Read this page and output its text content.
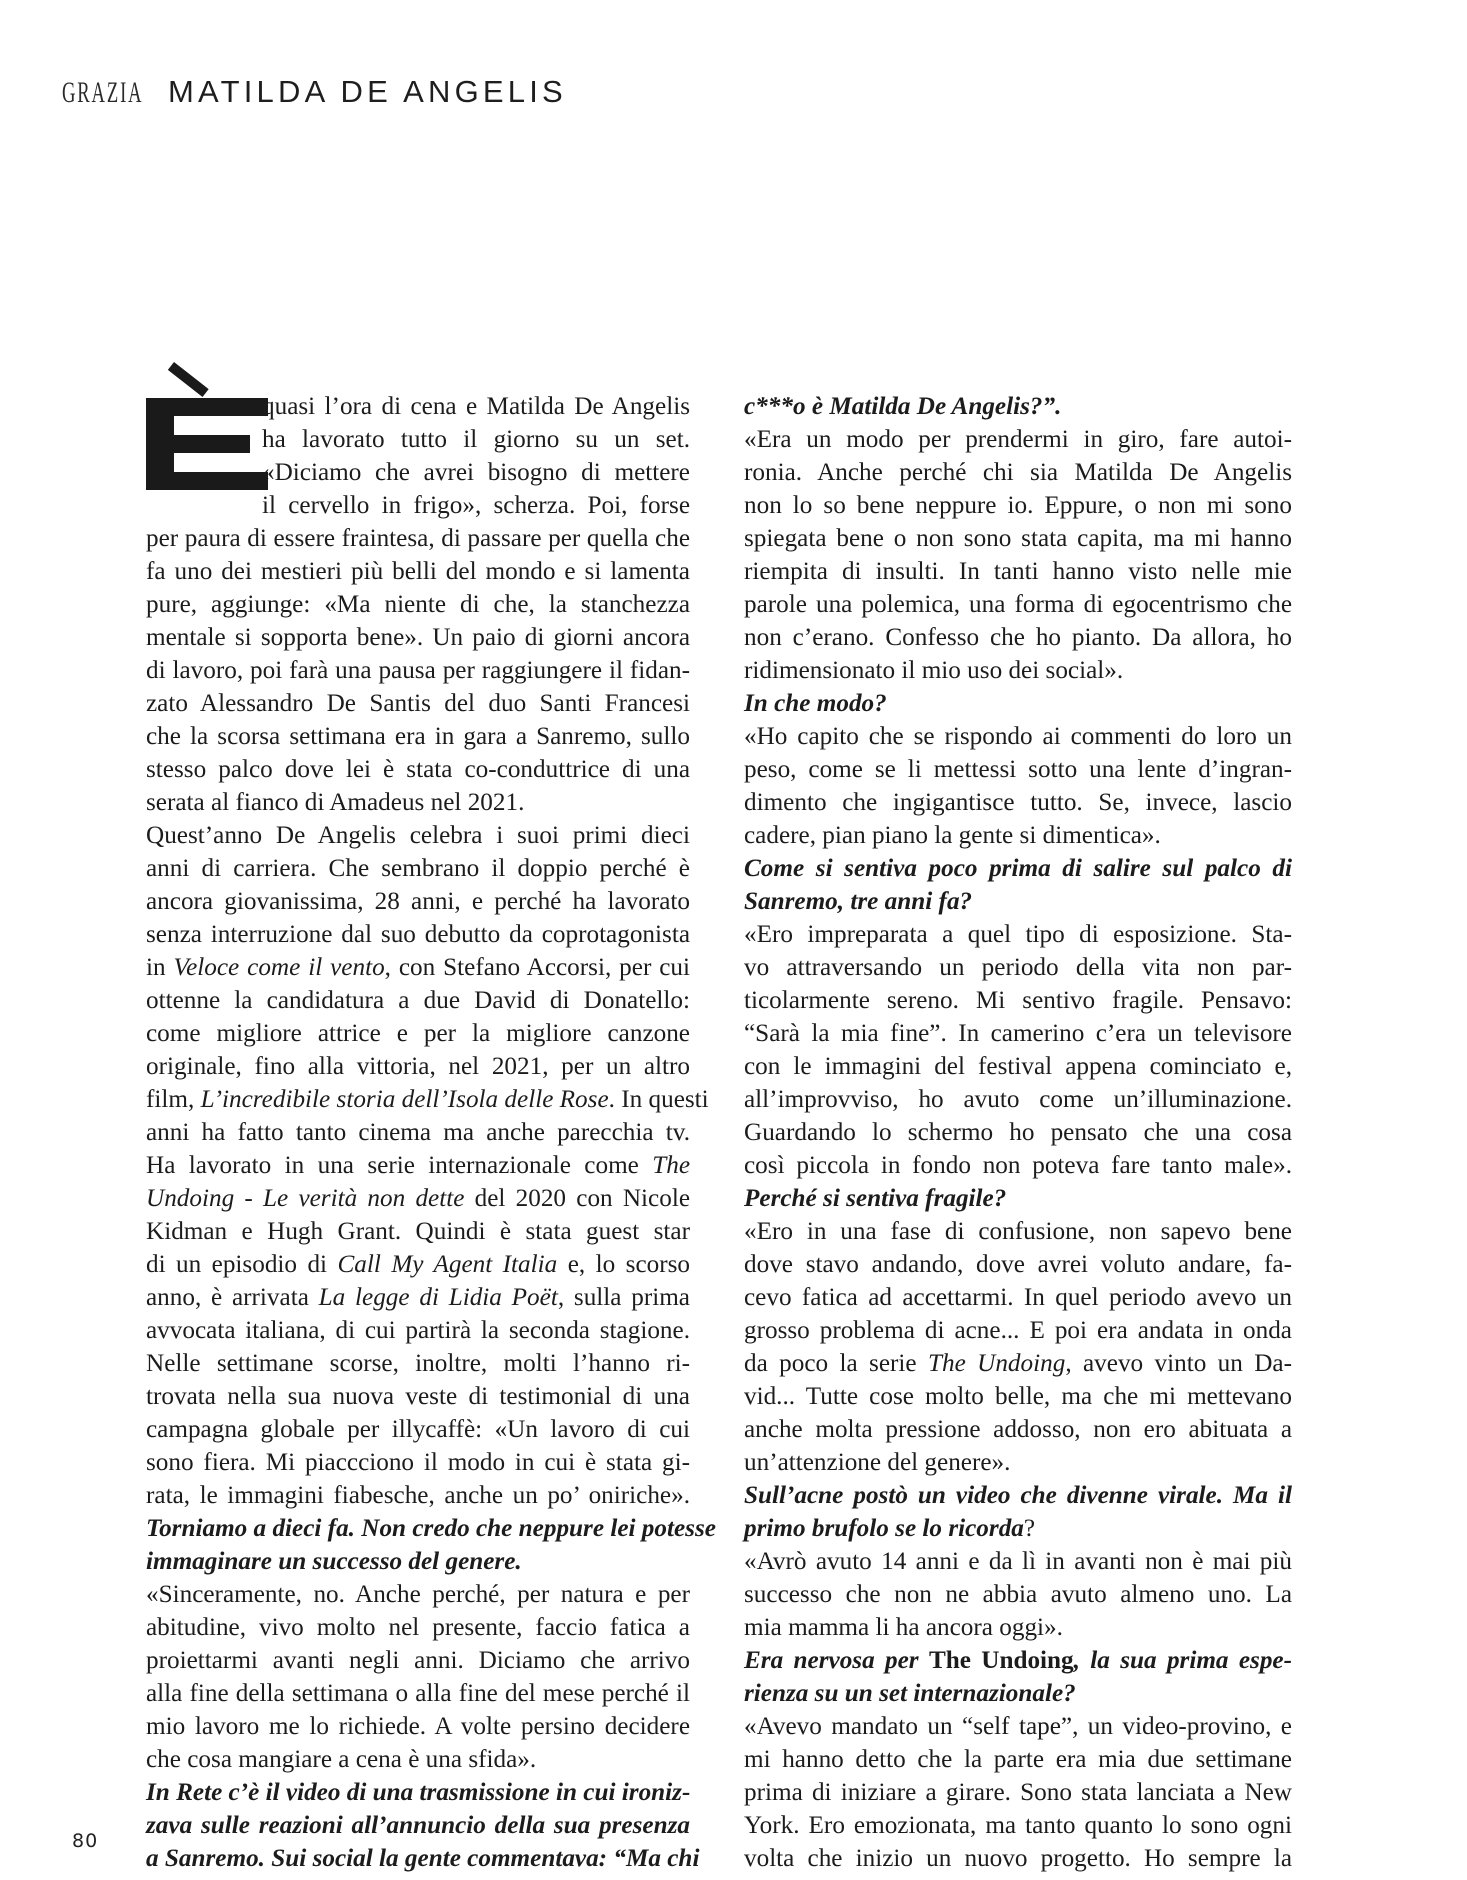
GRAZIA MATILDA DE ANGELIS
quasi l’ora di cena e Matilda De Angelis
ha lavorato tutto il giorno su un set.
«Diciamo che avrei bisogno di mettere
il cervello in frigo», scherza. Poi, forse
per paura di essere fraintesa, di passare per quella che
fa uno dei mestieri più belli del mondo e si lamenta
pure, aggiunge: «Ma niente di che, la stanchezza
mentale si sopporta bene». Un paio di giorni ancora
di lavoro, poi farà una pausa per raggiungere il fidan-
zato Alessandro De Santis del duo Santi Francesi
che la scorsa settimana era in gara a Sanremo, sullo
stesso palco dove lei è stata co-conduttrice di una
serata al fianco di Amadeus nel 2021.
Quest’anno De Angelis celebra i suoi primi dieci
anni di carriera. Che sembrano il doppio perché è
ancora giovanissima, 28 anni, e perché ha lavorato
senza interruzione dal suo debutto da coprotagonista
in Veloce come il vento, con Stefano Accorsi, per cui
ottenne la candidatura a due David di Donatello:
come migliore attrice e per la migliore canzone
originale, fino alla vittoria, nel 2021, per un altro
film, L’incredibile storia dell’Isola delle Rose. In questi
anni ha fatto tanto cinema ma anche parecchia tv.
Ha lavorato in una serie internazionale come The
Undoing - Le verità non dette del 2020 con Nicole
Kidman e Hugh Grant. Quindi è stata guest star
di un episodio di Call My Agent Italia e, lo scorso
anno, è arrivata La legge di Lidia Poët, sulla prima
avvocata italiana, di cui partirà la seconda stagione.
Nelle settimane scorse, inoltre, molti l’hanno ri-
trovata nella sua nuova veste di testimonial di una
campagna globale per illycaffè: «Un lavoro di cui
sono fiera. Mi piaccciono il modo in cui è stata gi-
rata, le immagini fiabesche, anche un po’ oniriche».
Torniamo a dieci fa. Non credo che neppure lei potesse
immaginare un successo del genere.
«Sinceramente, no. Anche perché, per natura e per
abitudine, vivo molto nel presente, faccio fatica a
proiettarmi avanti negli anni. Diciamo che arrivo
alla fine della settimana o alla fine del mese perché il
mio lavoro me lo richiede. A volte persino decidere
che cosa mangiare a cena è una sfida».
In Rete c’è il video di una trasmissione in cui ironiz-
zava sulle reazioni all’annuncio della sua presenza
a Sanremo. Sui social la gente commentava: “Ma chi
c***o è Matilda De Angelis?”.
«Era un modo per prendermi in giro, fare autoi-
ronia. Anche perché chi sia Matilda De Angelis
non lo so bene neppure io. Eppure, o non mi sono
spiegata bene o non sono stata capita, ma mi hanno
riempita di insulti. In tanti hanno visto nelle mie
parole una polemica, una forma di egocentrismo che
non c’erano. Confesso che ho pianto. Da allora, ho
ridimensionato il mio uso dei social».
In che modo?
«Ho capito che se rispondo ai commenti do loro un
peso, come se li mettessi sotto una lente d’ingran-
dimento che ingigantisce tutto. Se, invece, lascio
cadere, pian piano la gente si dimentica».
Come si sentiva poco prima di salire sul palco di
Sanremo, tre anni fa?
«Ero impreparata a quel tipo di esposizione. Sta-
vo attraversando un periodo della vita non par-
ticolarmente sereno. Mi sentivo fragile. Pensavo:
“Sarà la mia fine”. In camerino c’era un televisore
con le immagini del festival appena cominciato e,
all’improvviso, ho avuto come un’illuminazione.
Guardando lo schermo ho pensato che una cosa
così piccola in fondo non poteva fare tanto male».
Perché si sentiva fragile?
«Ero in una fase di confusione, non sapevo bene
dove stavo andando, dove avrei voluto andare, fa-
cevo fatica ad accettarmi. In quel periodo avevo un
grosso problema di acne... E poi era andata in onda
da poco la serie The Undoing, avevo vinto un Da-
vid... Tutte cose molto belle, ma che mi mettevano
anche molta pressione addosso, non ero abituata a
un’attenzione del genere».
Sull’acne postò un video che divenne virale. Ma il
primo brufolo se lo ricorda?
«Avrò avuto 14 anni e da lì in avanti non è mai più
successo che non ne abbia avuto almeno uno. La
mia mamma li ha ancora oggi».
Era nervosa per The Undoing, la sua prima espe-
rienza su un set internazionale?
«Avevo mandato un “self tape”, un video-provino, e
mi hanno detto che la parte era mia due settimane
prima di iniziare a girare. Sono stata lanciata a New
York. Ero emozionata, ma tanto quanto lo sono ogni
volta che inizio un nuovo progetto. Ho sempre la
80
